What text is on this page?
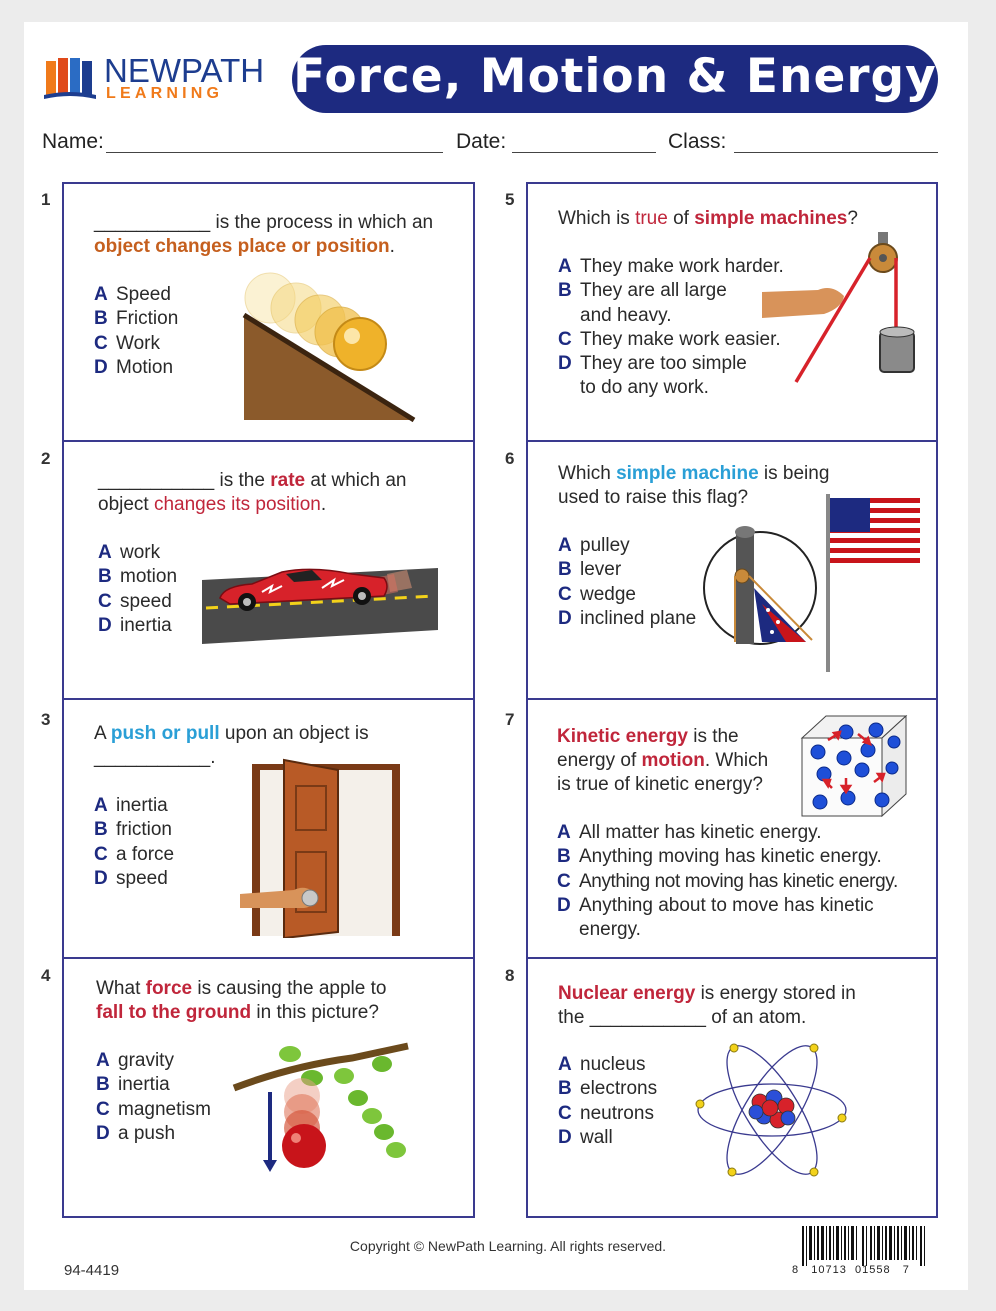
NEWPATH
LEARNING Force, Motion & Energy
Name:	Date:	Class:
1
___________ is the process in which an
object changes place or position.
A Speed
B Friction
C Work
D Motion
2
___________ is the rate at which an
object changes its position.
A work
B motion
C speed
D inertia
3
A push or pull upon an object is
___________.
A inertia
B friction
C a force
D speed
4
What force is causing the apple to
fall to the ground in this picture?
A gravity
B inertia
C magnetism
D a push
5
Which is true of simple machines?
A They make work harder.
B They are all large
and heavy.
C They make work easier.
D They are too simple
to do any work.
6
Which simple machine is being
used to raise this flag?
A pulley
B lever
C wedge
D inclined plane
7
Kinetic energy is the
energy of motion. Which
is true of kinetic energy?
A All matter has kinetic energy.
B Anything moving has kinetic energy.
C Anything not moving has kinetic energy.
D Anything about to move has kinetic
energy.
8
Nuclear energy is energy stored in
the ___________ of an atom.
A nucleus
B electrons
C neutrons
D wall
Copyright © NewPath Learning. All rights reserved.
94-4419	8 10713 01558 7
